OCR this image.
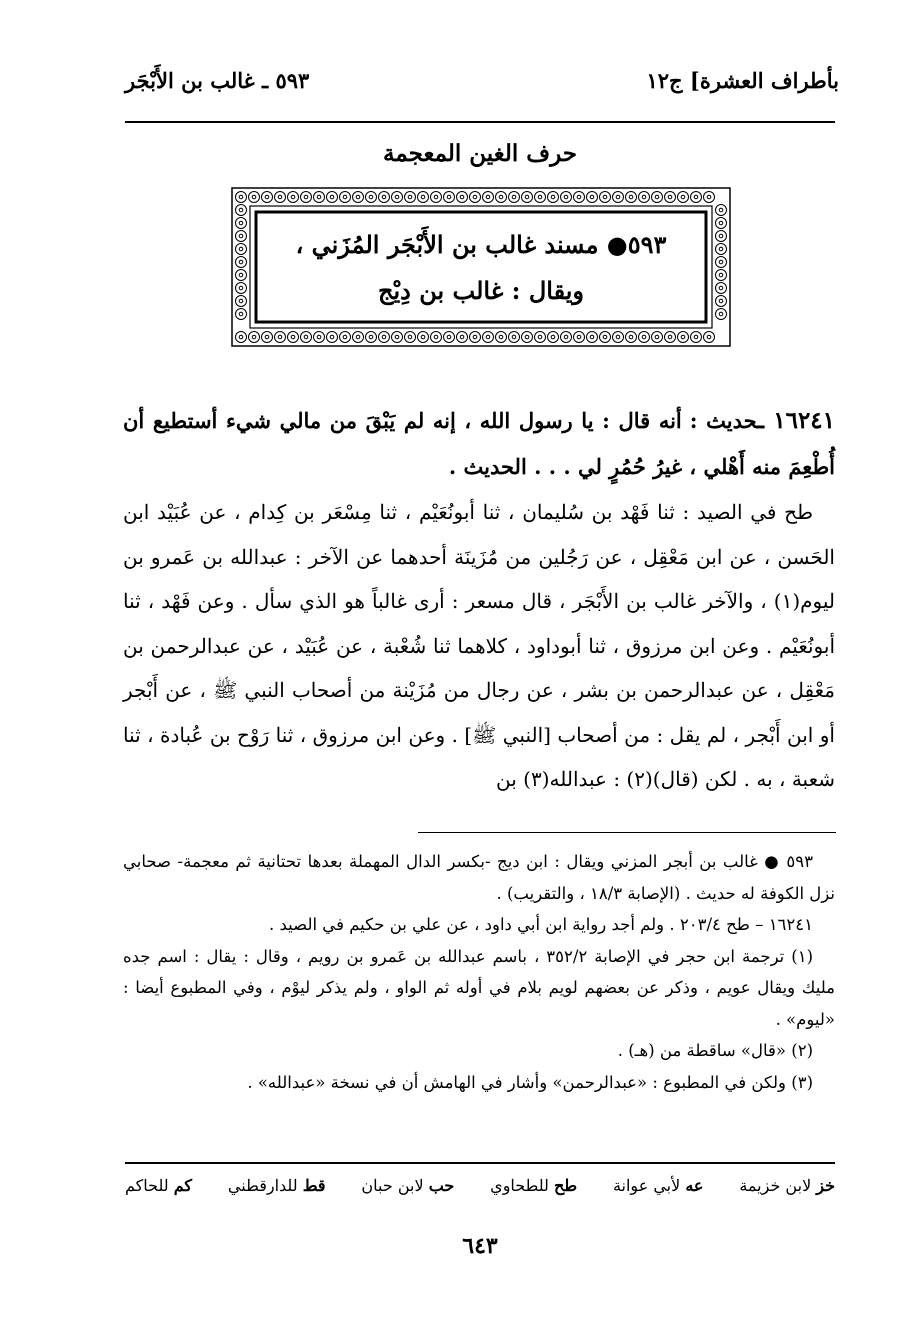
بأطراف العشرة] ج١٢
٥٩٣ ـ غالب بن الأَبْجَر
حرف الغين المعجمة
٥٩٣● مسند غالب بن الأَبْجَر المُزَني ،
ويقال : غالب بن دِيْج
١٦٢٤١ ـحديث : أنه قال : يا رسول الله ، إنه لم يَبْقَ من مالي شيء أستطيع أن أُطْعِمَ منه أَهْلي ، غيرُ حُمُرٍ لي . . . الحديث .
طح في الصيد : ثنا فَهْد بن سُليمان ، ثنا أبونُعَيْم ، ثنا مِسْعَر بن كِدام ، عن عُبَيْد ابن الحَسن ، عن ابن مَعْقِل ، عن رَجُلين من مُزَينَة أحدهما عن الآخر : عبدالله بن عَمرو بن ليوم(١) ، والآخر غالب بن الأَبْجَر ، قال مسعر : أرى غالباً هو الذي سأل . وعن فَهْد ، ثنا أبونُعَيْم . وعن ابن مرزوق ، ثنا أبوداود ، كلاهما ثنا شُعْبة ، عن عُبَيْد ، عن عبدالرحمن بن مَعْقِل ، عن عبدالرحمن بن بشر ، عن رجال من مُزَيْنة من أصحاب النبي ﷺ ، عن أَبْجر أو ابن أَبْجر ، لم يقل : من أصحاب [النبي ﷺ] . وعن ابن مرزوق ، ثنا رَوْح بن عُبادة ، ثنا شعبة ، به . لكن (قال)(٢) : عبدالله(٣) بن

٥٩٣ ● غالب بن أبجر المزني ويقال : ابن ديج -بكسر الدال المهملة بعدها تحتانية ثم معجمة- صحابي نزل الكوفة له حديث . (الإصابة ١٨/٣ ، والتقريب) .

١٦٢٤١ – طح ٢٠٣/٤ . ولم أجد رواية ابن أبي داود ، عن علي بن حكيم في الصيد .

(١) ترجمة ابن حجر في الإصابة ٣٥٢/٢ ، باسم عبدالله بن عَمرو بن رويم ، وقال : يقال : اسم جده مليك ويقال عويم ، وذكر عن بعضهم لويم بلام في أوله ثم الواو ، ولم يذكر ليوْم ، وفي المطبوع أيضا : «ليوم» .

(٢) «قال» ساقطة من (هـ) .

(٣) ولكن في المطبوع : «عبدالرحمن» وأشار في الهامش أن في نسخة «عبدالله» .

خز لابن خزيمة
عه لأبي عوانة
طح للطحاوي
حب لابن حبان
قط للدارقطني
كم للحاكم
٦٤٣
